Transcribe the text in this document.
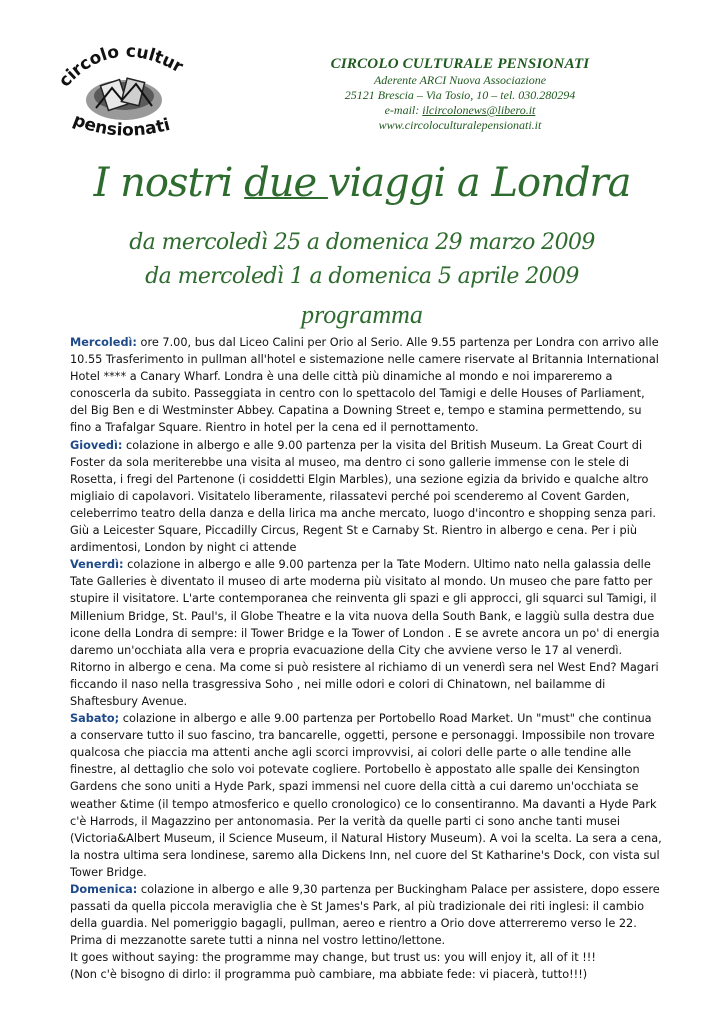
circolo cultur
pensionati
CIRCOLO CULTURALE PENSIONATI
Aderente ARCI Nuova Associazione
25121 Brescia – Via Tosio, 10 – tel. 030.280294
e-mail: ilcircolonews@libero.it
www.circoloculturalepensionati.it
I nostri due viaggi a Londra
da mercoledì 25 a domenica 29 marzo 2009
da mercoledì 1 a domenica 5 aprile 2009
programma

Mercoledì: ore 7.00, bus dal Liceo Calini per Orio al Serio. Alle 9.55 partenza per Londra con arrivo alle 10.55 Trasferimento in pullman all'hotel e sistemazione nelle camere riservate al Britannia International Hotel **** a Canary Wharf. Londra è una delle città più dinamiche al mondo e noi impareremo a conoscerla da subito. Passeggiata in centro con lo spettacolo del Tamigi e delle Houses of Parliament, del Big Ben e di Westminster Abbey. Capatina a Downing Street e, tempo e stamina permettendo, su fino a Trafalgar Square. Rientro in hotel per la cena ed il pernottamento.

Giovedì: colazione in albergo e alle 9.00 partenza per la visita del British Museum. La Great Court di Foster da sola meriterebbe una visita al museo, ma dentro ci sono gallerie immense con le stele di Rosetta, i fregi del Partenone (i cosiddetti Elgin Marbles), una sezione egizia da brivido e qualche altro migliaio di capolavori. Visitatelo liberamente, rilassatevi perché poi scenderemo al Covent Garden, celeberrimo teatro della danza e della lirica ma anche mercato, luogo d'incontro e shopping senza pari. Giù a Leicester Square, Piccadilly Circus, Regent St e Carnaby St. Rientro in albergo e cena. Per i più ardimentosi, London by night ci attende

Venerdì: colazione in albergo e alle 9.00 partenza per la Tate Modern. Ultimo nato nella galassia delle Tate Galleries è diventato il museo di arte moderna più visitato al mondo. Un museo che pare fatto per stupire il visitatore. L'arte contemporanea che reinventa gli spazi e gli approcci, gli squarci sul Tamigi, il Millenium Bridge, St. Paul's, il Globe Theatre e la vita nuova della South Bank, e laggiù sulla destra due icone della Londra di sempre: il Tower Bridge e la Tower of London . E se avrete ancora un po' di energia daremo un'occhiata alla vera e propria evacuazione della City che avviene verso le 17 al venerdì.

Ritorno in albergo e cena. Ma come si può resistere al richiamo di un venerdì sera nel West End? Magari ficcando il naso nella trasgressiva Soho , nei mille odori e colori di Chinatown, nel bailamme di Shaftesbury Avenue.

Sabato; colazione in albergo e alle 9.00 partenza per Portobello Road Market. Un "must" che continua a conservare tutto il suo fascino, tra bancarelle, oggetti, persone e personaggi. Impossibile non trovare qualcosa che piaccia ma attenti anche agli scorci improvvisi, ai colori delle parte o alle tendine alle finestre, al dettaglio che solo voi potevate cogliere. Portobello è appostato alle spalle dei Kensington Gardens che sono uniti a Hyde Park, spazi immensi nel cuore della città a cui daremo un'occhiata se weather &time (il tempo atmosferico e quello cronologico) ce lo consentiranno. Ma davanti a Hyde Park c'è Harrods, il Magazzino per antonomasia. Per la verità da quelle parti ci sono anche tanti musei (Victoria&Albert Museum, il Science Museum, il Natural History Museum). A voi la scelta. La sera a cena, la nostra ultima sera londinese, saremo alla Dickens Inn, nel cuore del St Katharine's Dock, con vista sul Tower Bridge.

Domenica: colazione in albergo e alle 9,30 partenza per Buckingham Palace per assistere, dopo essere passati da quella piccola meraviglia che è St James's Park, al più tradizionale dei riti inglesi: il cambio della guardia. Nel pomeriggio bagagli, pullman, aereo e rientro a Orio dove atterreremo verso le 22. Prima di mezzanotte sarete tutti a ninna nel vostro lettino/lettone.

It goes without saying: the programme may change, but trust us: you will enjoy it, all of it !!!

(Non c'è bisogno di dirlo: il programma può cambiare, ma abbiate fede: vi piacerà, tutto!!!)
